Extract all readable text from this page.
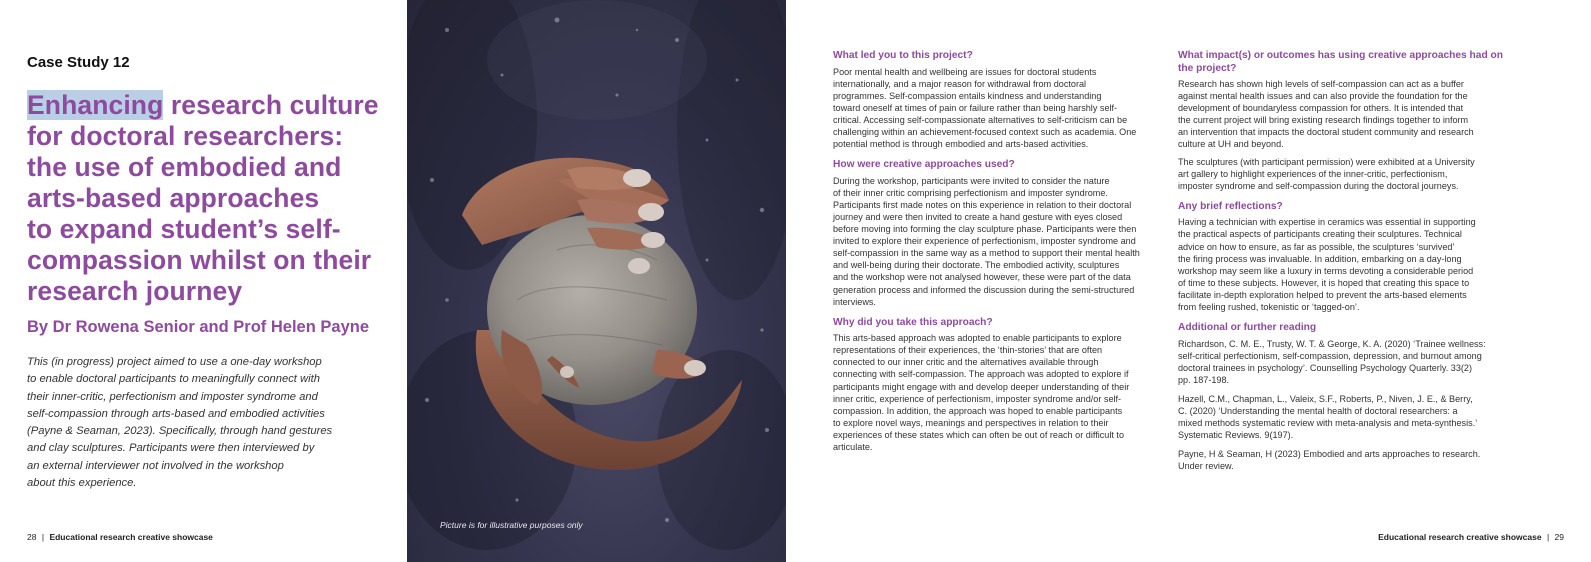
Case Study 12
Enhancing research culture
for doctoral researchers:
the use of embodied and
arts-based approaches
to expand student’s self-
compassion whilst on their
research journey
By Dr Rowena Senior and Prof Helen Payne
This (in progress) project aimed to use a one-day workshop
to enable doctoral participants to meaningfully connect with
their inner-critic, perfectionism and imposter syndrome and
self-compassion through arts-based and embodied activities
(Payne & Seaman, 2023). Specifically, through hand gestures
and clay sculptures. Participants were then interviewed by
an external interviewer not involved in the workshop
about this experience.
28 | Educational research creative showcase
Picture is for illustrative purposes only
What led you to this project?
Poor mental health and wellbeing are issues for doctoral students
internationally, and a major reason for withdrawal from doctoral
programmes. Self-compassion entails kindness and understanding
toward oneself at times of pain or failure rather than being harshly self-
critical. Accessing self-compassionate alternatives to self-criticism can be
challenging within an achievement-focused context such as academia. One
potential method is through embodied and arts-based activities.
How were creative approaches used?
During the workshop, participants were invited to consider the nature
of their inner critic comprising perfectionism and imposter syndrome.
Participants first made notes on this experience in relation to their doctoral
journey and were then invited to create a hand gesture with eyes closed
before moving into forming the clay sculpture phase. Participants were then
invited to explore their experience of perfectionism, imposter syndrome and
self-compassion in the same way as a method to support their mental health
and well-being during their doctorate. The embodied activity, sculptures
and the workshop were not analysed however, these were part of the data
generation process and informed the discussion during the semi-structured
interviews.
Why did you take this approach?
This arts-based approach was adopted to enable participants to explore
representations of their experiences, the ‘thin-stories’ that are often
connected to our inner critic and the alternatives available through
connecting with self-compassion. The approach was adopted to explore if
participants might engage with and develop deeper understanding of their
inner critic, experience of perfectionism, imposter syndrome and/or self-
compassion. In addition, the approach was hoped to enable participants
to explore novel ways, meanings and perspectives in relation to their
experiences of these states which can often be out of reach or difficult to
articulate.
What impact(s) or outcomes has using creative approaches had on
the project?
Research has shown high levels of self-compassion can act as a buffer
against mental health issues and can also provide the foundation for the
development of boundaryless compassion for others. It is intended that
the current project will bring existing research findings together to inform
an intervention that impacts the doctoral student community and research
culture at UH and beyond.
The sculptures (with participant permission) were exhibited at a University
art gallery to highlight experiences of the inner-critic, perfectionism,
imposter syndrome and self-compassion during the doctoral journeys.
Any brief reflections?
Having a technician with expertise in ceramics was essential in supporting
the practical aspects of participants creating their sculptures. Technical
advice on how to ensure, as far as possible, the sculptures ‘survived’
the firing process was invaluable. In addition, embarking on a day-long
workshop may seem like a luxury in terms devoting a considerable period
of time to these subjects. However, it is hoped that creating this space to
facilitate in-depth exploration helped to prevent the arts-based elements
from feeling rushed, tokenistic or ‘tagged-on’.
Additional or further reading
Richardson, C. M. E., Trusty, W. T. & George, K. A. (2020) ‘Trainee wellness:
self-critical perfectionism, self-compassion, depression, and burnout among
doctoral trainees in psychology’. Counselling Psychology Quarterly. 33(2)
pp. 187-198.
Hazell, C.M., Chapman, L., Valeix, S.F., Roberts, P., Niven, J. E., & Berry,
C. (2020) ‘Understanding the mental health of doctoral researchers: a
mixed methods systematic review with meta-analysis and meta-synthesis.’
Systematic Reviews. 9(197).
Payne, H & Seaman, H (2023) Embodied and arts approaches to research.
Under review.
Educational research creative showcase | 29
